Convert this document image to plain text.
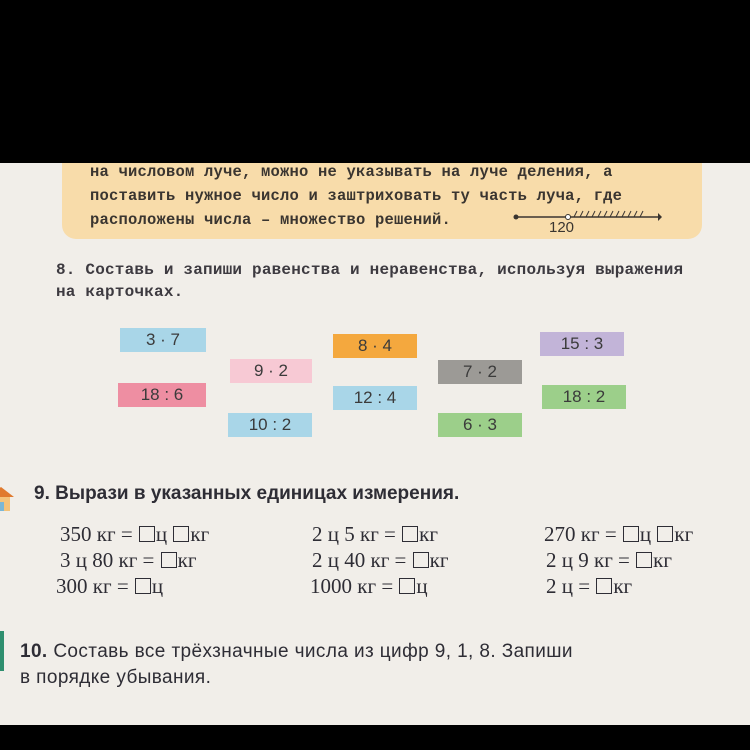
на числовом луче, можно не указывать на луче деления, а
поставить нужное число и заштриховать ту часть луча, где
расположены числа – множество решений.	120
8. Составь и запиши равенства и неравенства, используя выражения
на карточках.
3 · 7
9 · 2
18 : 6
10 : 2
8 · 4
12 : 4
7 · 2
6 · 3
15 : 3
18 : 2
9. Вырази в указанных единицах измерения.
350 кг = ц кг
3 ц 80 кг = кг
300 кг = ц
2 ц 5 кг = кг
2 ц 40 кг = кг
1000 кг = ц
270 кг = ц кг
2 ц 9 кг = кг
2 ц = кг
10. Составь все трёхзначные числа из цифр 9, 1, 8. Запиши
в порядке убывания.
